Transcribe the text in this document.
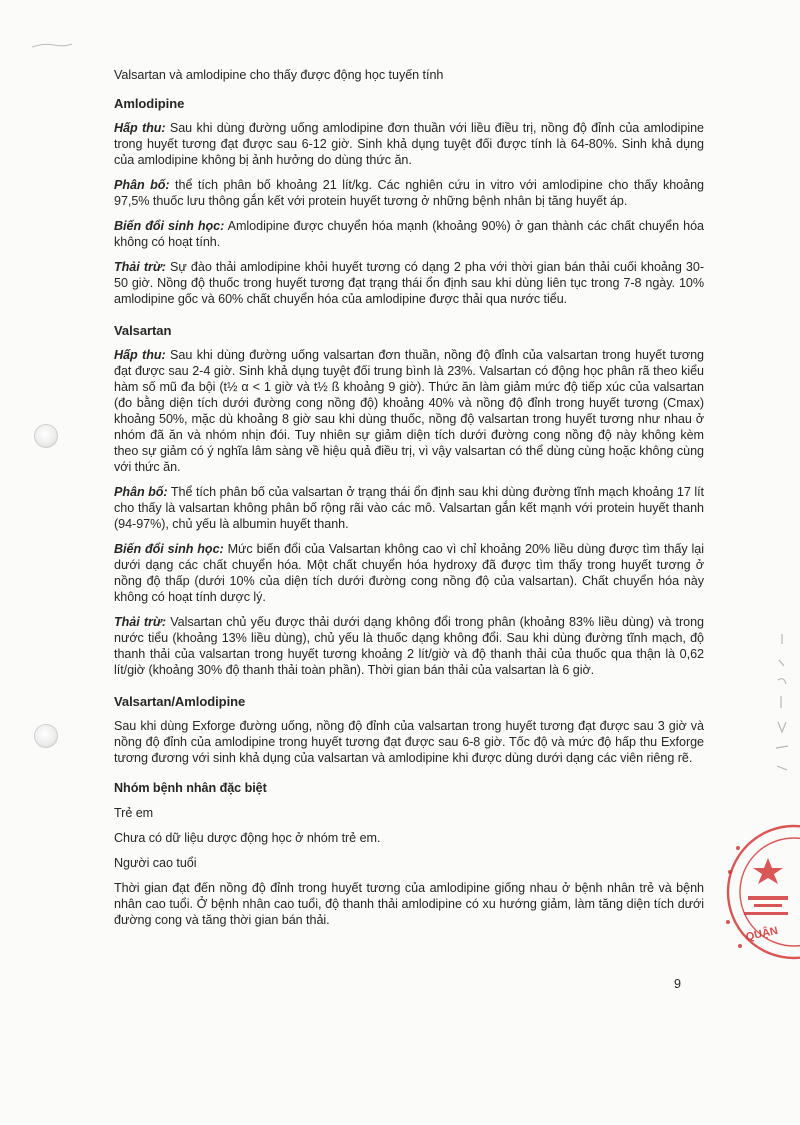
Valsartan và amlodipine cho thấy được động học tuyến tính

Amlodipine

Hấp thu: Sau khi dùng đường uống amlodipine đơn thuần với liều điều trị, nồng độ đỉnh của amlodipine trong huyết tương đạt được sau 6-12 giờ. Sinh khả dụng tuyệt đối được tính là 64-80%. Sinh khả dụng của amlodipine không bị ảnh hưởng do dùng thức ăn.

Phân bố: thể tích phân bố khoảng 21 lít/kg. Các nghiên cứu in vitro với amlodipine cho thấy khoảng 97,5% thuốc lưu thông gắn kết với protein huyết tương ở những bệnh nhân bị tăng huyết áp.

Biến đổi sinh học: Amlodipine được chuyển hóa mạnh (khoảng 90%) ở gan thành các chất chuyển hóa không có hoạt tính.

Thải trừ: Sự đào thải amlodipine khỏi huyết tương có dạng 2 pha với thời gian bán thải cuối khoảng 30-50 giờ. Nồng độ thuốc trong huyết tương đạt trạng thái ổn định sau khi dùng liên tục trong 7-8 ngày. 10% amlodipine gốc và 60% chất chuyển hóa của amlodipine được thải qua nước tiểu.

Valsartan

Hấp thu: Sau khi dùng đường uống valsartan đơn thuần, nồng độ đỉnh của valsartan trong huyết tương đạt được sau 2-4 giờ. Sinh khả dụng tuyệt đối trung bình là 23%. Valsartan có động học phân rã theo kiểu hàm số mũ đa bội (t½ α < 1 giờ và t½ ß khoảng 9 giờ). Thức ăn làm giảm mức độ tiếp xúc của valsartan (đo bằng diện tích dưới đường cong nồng độ) khoảng 40% và nồng độ đỉnh trong huyết tương (Cmax) khoảng 50%, mặc dù khoảng 8 giờ sau khi dùng thuốc, nồng độ valsartan trong huyết tương như nhau ở nhóm đã ăn và nhóm nhịn đói. Tuy nhiên sự giảm diện tích dưới đường cong nồng độ này không kèm theo sự giảm có ý nghĩa lâm sàng về hiệu quả điều trị, vì vậy valsartan có thể dùng cùng hoặc không cùng với thức ăn.

Phân bố: Thể tích phân bố của valsartan ở trạng thái ổn định sau khi dùng đường tĩnh mạch khoảng 17 lít cho thấy là valsartan không phân bố rộng rãi vào các mô. Valsartan gắn kết mạnh với protein huyết thanh (94-97%), chủ yếu là albumin huyết thanh.

Biến đổi sinh học: Mức biến đổi của Valsartan không cao vì chỉ khoảng 20% liều dùng được tìm thấy lại dưới dạng các chất chuyển hóa. Một chất chuyển hóa hydroxy đã được tìm thấy trong huyết tương ở nồng độ thấp (dưới 10% của diện tích dưới đường cong nồng độ của valsartan). Chất chuyển hóa này không có hoạt tính dược lý.

Thải trừ: Valsartan chủ yếu được thải dưới dạng không đổi trong phân (khoảng 83% liều dùng) và trong nước tiểu (khoảng 13% liều dùng), chủ yếu là thuốc dạng không đổi. Sau khi dùng đường tĩnh mạch, độ thanh thải của valsartan trong huyết tương khoảng 2 lít/giờ và độ thanh thải của thuốc qua thận là 0,62 lít/giờ (khoảng 30% độ thanh thải toàn phần). Thời gian bán thải của valsartan là 6 giờ.

Valsartan/Amlodipine

Sau khi dùng Exforge đường uống, nồng độ đỉnh của valsartan trong huyết tương đạt được sau 3 giờ và nồng độ đỉnh của amlodipine trong huyết tương đạt được sau 6-8 giờ. Tốc độ và mức độ hấp thu Exforge tương đương với sinh khả dụng của valsartan và amlodipine khi được dùng dưới dạng các viên riêng rẽ.

Nhóm bệnh nhân đặc biệt

Trẻ em

Chưa có dữ liệu dược động học ở nhóm trẻ em.

Người cao tuổi

Thời gian đạt đến nồng độ đỉnh trong huyết tương của amlodipine giống nhau ở bệnh nhân trẻ và bệnh nhân cao tuổi. Ở bệnh nhân cao tuổi, độ thanh thải amlodipine có xu hướng giảm, làm tăng diện tích dưới đường cong và tăng thời gian bán thải.

9
QUẬN
